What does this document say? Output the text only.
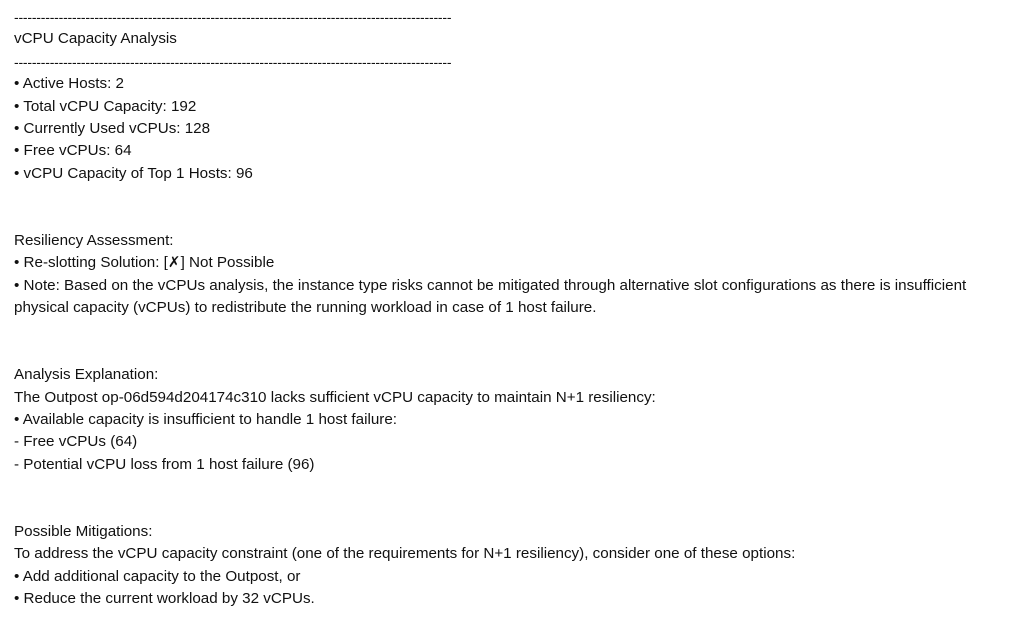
--------------------------------------------------------------------------------------------------
vCPU Capacity Analysis
--------------------------------------------------------------------------------------------------
• Active Hosts: 2
• Total vCPU Capacity: 192
• Currently Used vCPUs: 128
• Free vCPUs: 64
• vCPU Capacity of Top 1 Hosts: 96
Resiliency Assessment:
• Re-slotting Solution: [✗] Not Possible
• Note: Based on the vCPUs analysis, the instance type risks cannot be mitigated through alternative slot configurations as there is insufficient physical capacity (vCPUs) to redistribute the running workload in case of 1 host failure.
Analysis Explanation:
The Outpost op-06d594d204174c310 lacks sufficient vCPU capacity to maintain N+1 resiliency:
• Available capacity is insufficient to handle 1 host failure:
- Free vCPUs (64)
- Potential vCPU loss from 1 host failure (96)
Possible Mitigations:
To address the vCPU capacity constraint (one of the requirements for N+1 resiliency), consider one of these options:
• Add additional capacity to the Outpost, or
• Reduce the current workload by 32 vCPUs.
